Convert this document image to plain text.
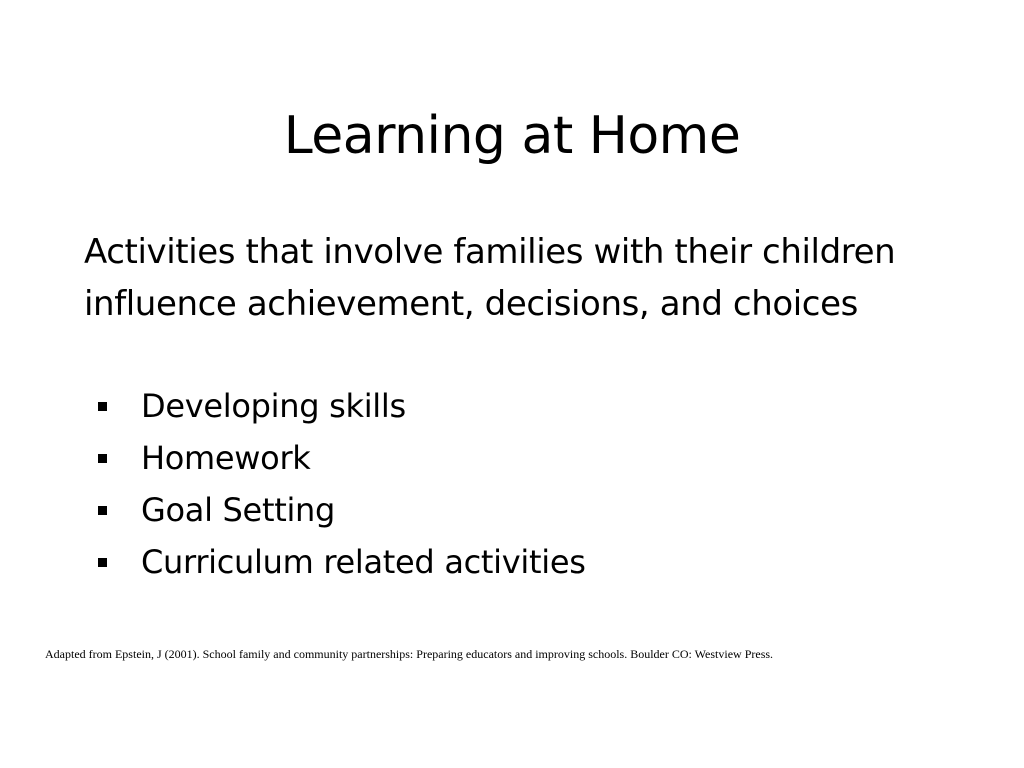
Learning at Home

Activities that involve families with their children influence achievement, decisions, and choices

Developing skills
Homework
Goal Setting
Curriculum related activities

Adapted from Epstein, J (2001). School family and community partnerships: Preparing educators and improving schools. Boulder CO: Westview Press.
